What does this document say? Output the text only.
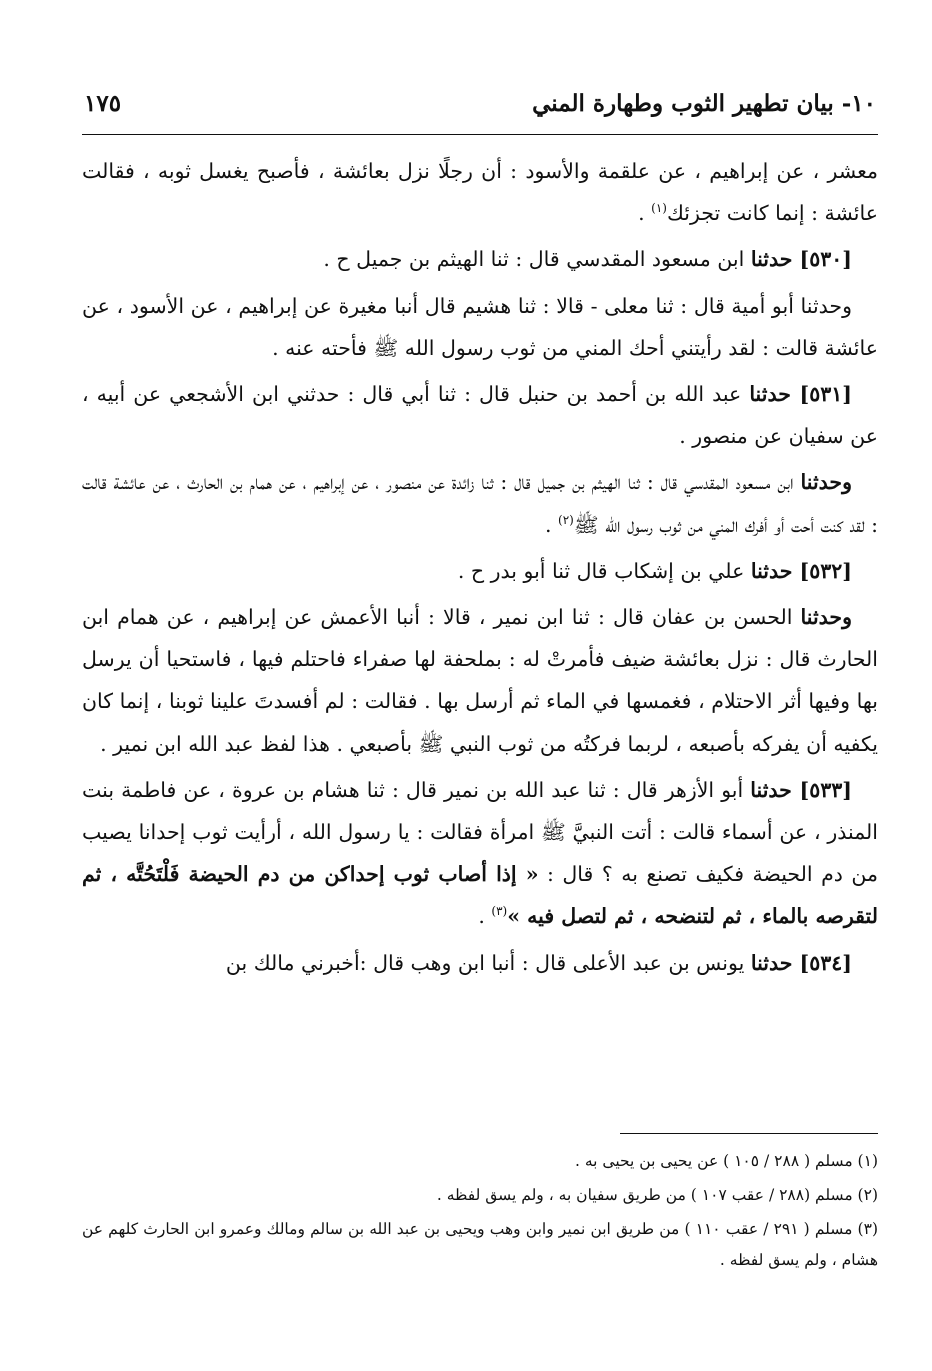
١٠- بيان تطهير الثوب وطهارة المني
١٧٥

معشر ، عن إبراهيم ، عن علقمة والأسود : أن رجلًا نزل بعائشة ، فأصبح يغسل ثوبه ، فقالت عائشة : إنما كانت تجزئك$^{(١)}$ .

[٥٣٠] حدثنا ابن مسعود المقدسي قال : ثنا الهيثم بن جميل ح .

وحدثنا أبو أمية قال : ثنا معلى - قالا : ثنا هشيم قال أنبا مغيرة عن إبراهيم ، عن الأسود ، عن عائشة قالت : لقد رأيتني أحك المني من ثوب رسول الله ﷺ فأحته عنه .

[٥٣١] حدثنا عبد الله بن أحمد بن حنبل قال : ثنا أبي قال : حدثني ابن الأشجعي عن أبيه ، عن سفيان عن منصور .

وحدثنا ابن مسعود المقدسي قال : ثنا الهيثم بن جميل قال : ثنا زائدة عن منصور ، عن إبراهيم ، عن همام بن الحارث ، عن عائشة قالت : لقد كنت أحت أو أفرك المني من ثوب رسول الله ﷺ$^{(٢)}$ .

[٥٣٢] حدثنا علي بن إشكاب قال ثنا أبو بدر ح .

وحدثنا الحسن بن عفان قال : ثنا ابن نمير ، قالا : أنبا الأعمش عن إبراهيم ، عن همام ابن الحارث قال : نزل بعائشة ضيف فأمرتْ له : بملحفة لها صفراء فاحتلم فيها ، فاستحيا أن يرسل بها وفيها أثر الاحتلام ، فغمسها في الماء ثم أرسل بها . فقالت : لم أفسدتَ علينا ثوبنا ، إنما كان يكفيه أن يفركه بأصبعه ، لربما فركتُه من ثوب النبي ﷺ بأصبعي . هذا لفظ عبد الله ابن نمير .

[٥٣٣] حدثنا أبو الأزهر قال : ثنا عبد الله بن نمير قال : ثنا هشام بن عروة ، عن فاطمة بنت المنذر ، عن أسماء قالت : أتت النبيَّ ﷺ امرأة فقالت : يا رسول الله ، أرأيت ثوب إحدانا يصيب من دم الحيضة فكيف تصنع به ؟ قال : « إذا أصاب ثوب إحداكن من دم الحيضة فَلْتَحُتَّه ، ثم لتقرصه بالماء ، ثم لتنضحه ، ثم لتصل فيه »$^{(٣)}$ .

[٥٣٤] حدثنا يونس بن عبد الأعلى قال : أنبا ابن وهب قال :أخبرني مالك بن

(١) مسلم ( ٢٨٨ / ١٠٥ ) عن يحيى بن يحيى به .

(٢) مسلم (٢٨٨ / عقب ١٠٧ ) من طريق سفيان به ، ولم يسق لفظه .

(٣) مسلم ( ٢٩١ / عقب ١١٠ ) من طريق ابن نمير وابن وهب ويحيى بن عبد الله بن سالم ومالك وعمرو ابن الحارث كلهم عن هشام ، ولم يسق لفظه .
